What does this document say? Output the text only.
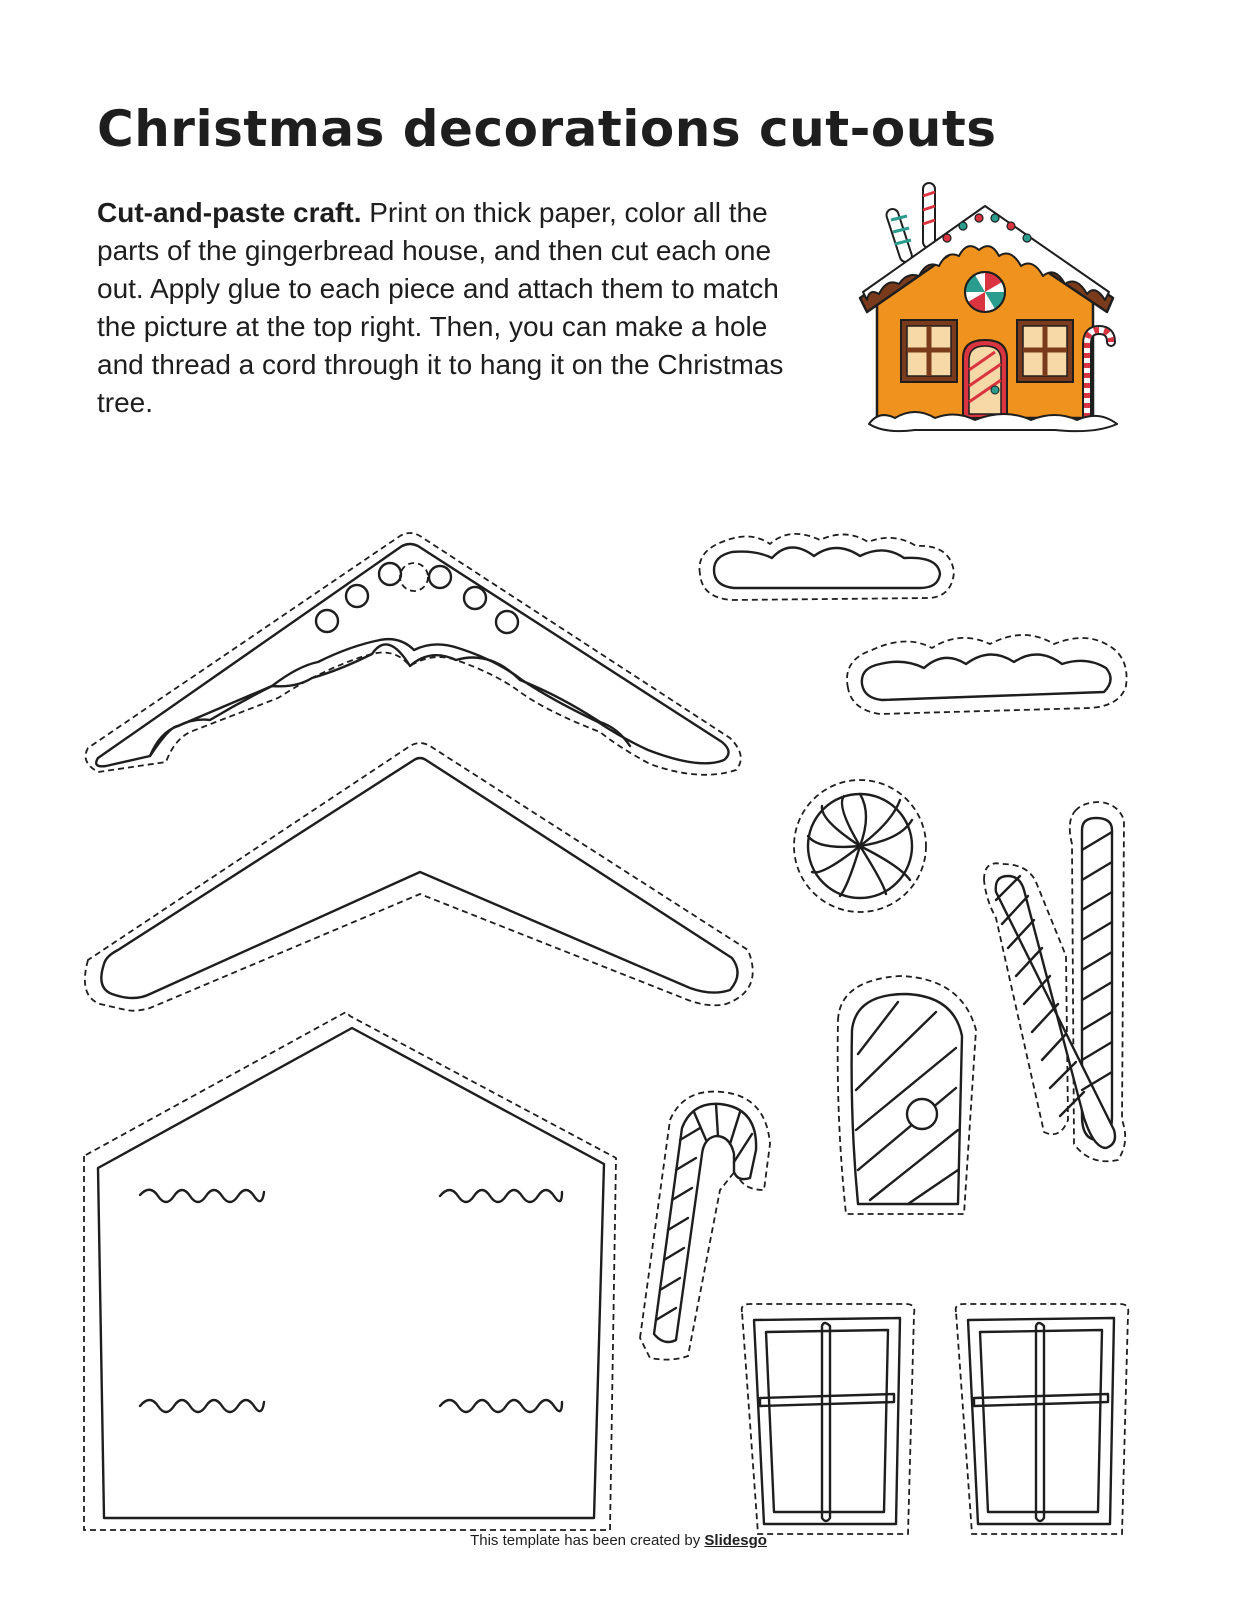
Christmas decorations cut-outs

Cut-and-paste craft. Print on thick paper, color all the parts of the gingerbread house, and then cut each one out. Apply glue to each piece and attach them to match the picture at the top right. Then, you can make a hole and thread a cord through it to hang it on the Christmas tree.

This template has been created by Slidesgo
